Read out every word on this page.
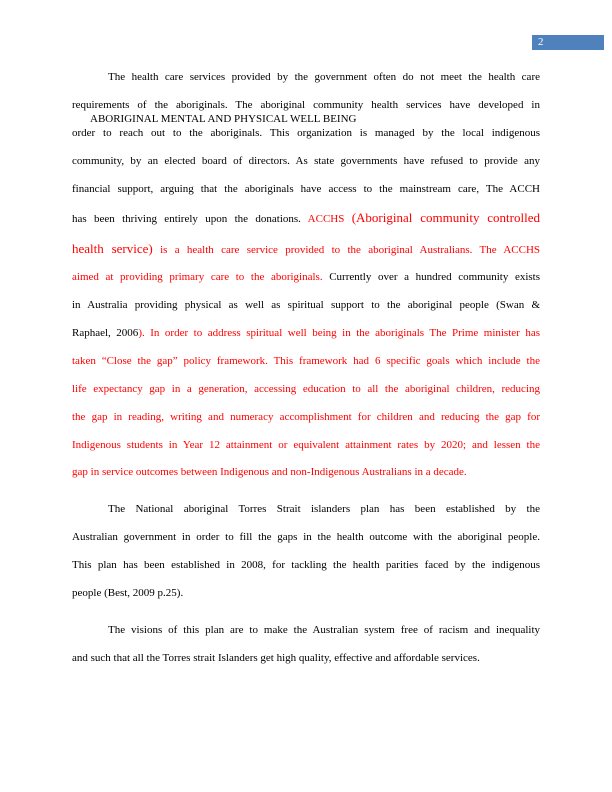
2
The health care services provided by the government often do not meet the health care
requirements of the aboriginals. The aboriginal community health services have developed in
ABORIGINAL MENTAL AND PHYSICAL WELL BEING
order to reach out to the aboriginals. This organization is managed by the local indigenous
community, by an elected board of directors. As state governments have refused to provide any
financial support, arguing that the aboriginals have access to the mainstream care, The ACCH
has been thriving entirely upon the donations. ACCHS (Aboriginal community controlled
health service) is a health care service provided to the aboriginal Australians. The ACCHS
aimed at providing primary care to the aboriginals. Currently over a hundred community exists
in Australia providing physical as well as spiritual support to the aboriginal people (Swan &
Raphael, 2006). In order to address spiritual well being in the aboriginals The Prime minister has
taken “Close the gap” policy framework. This framework had 6 specific goals which include the
life expectancy gap in a generation, accessing education to all the aboriginal children, reducing
the gap in reading, writing and numeracy accomplishment for children and reducing the gap for
Indigenous students in Year 12 attainment or equivalent attainment rates by 2020; and lessen the
gap in service outcomes between Indigenous and non-Indigenous Australians in a decade.
The National aboriginal Torres Strait islanders plan has been established by the
Australian government in order to fill the gaps in the health outcome with the aboriginal people.
This plan has been established in 2008, for tackling the health parities faced by the indigenous
people (Best, 2009 p.25).
The visions of this plan are to make the Australian system free of racism and inequality
and such that all the Torres strait Islanders get high quality, effective and affordable services.
